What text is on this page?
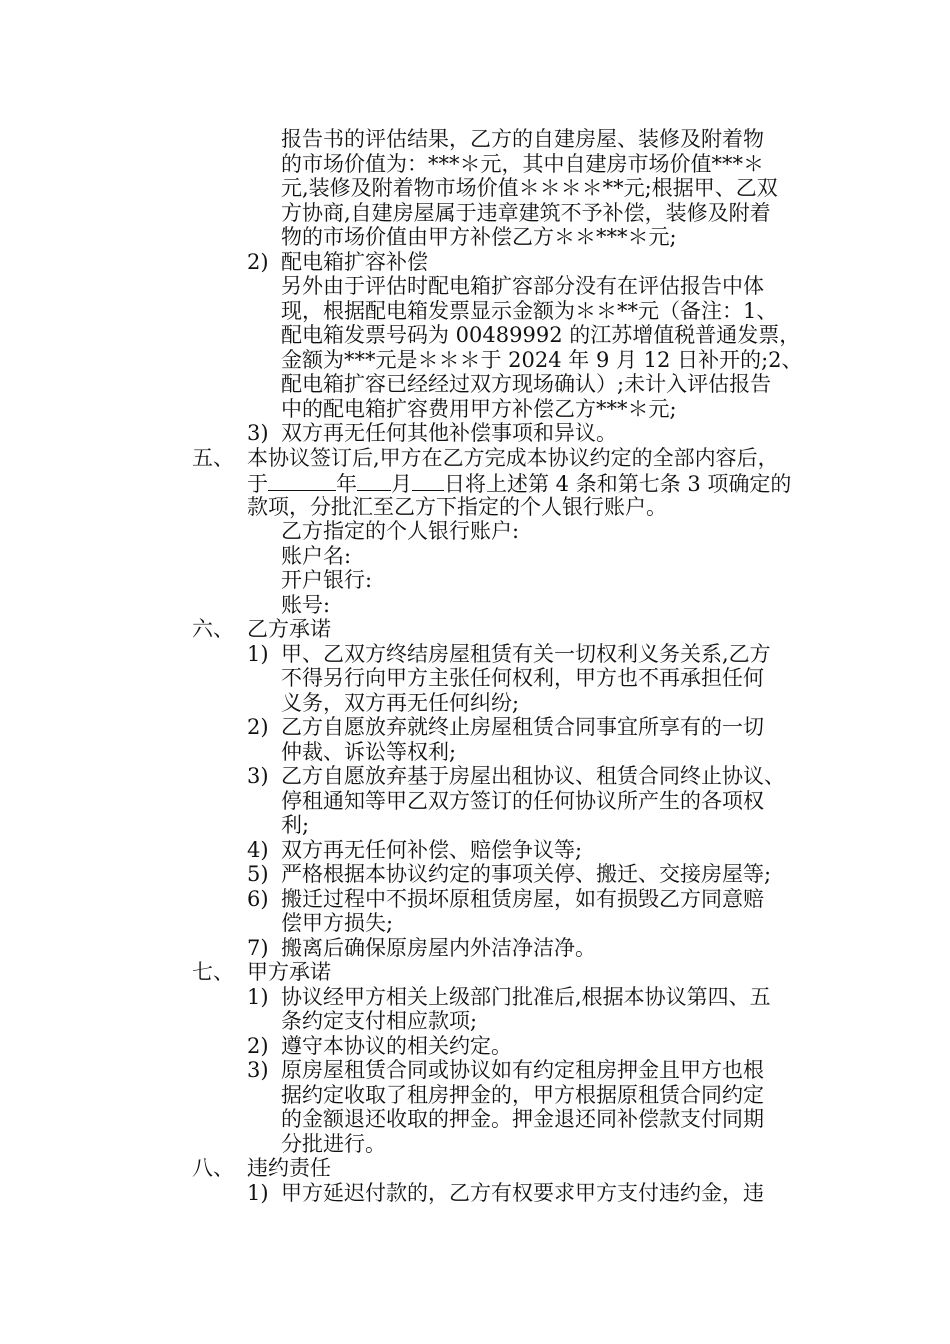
报告书的评估结果，乙方的自建房屋、装修及附着物
的市场价值为：***＊元，其中自建房市场价值***＊
元,装修及附着物市场价值＊＊＊＊**元;根据甲、乙双
方协商,自建房屋属于违章建筑不予补偿，装修及附着
物的市场价值由甲方补偿乙方＊＊***＊元;
2) 配电箱扩容补偿
另外由于评估时配电箱扩容部分没有在评估报告中体
现，根据配电箱发票显示金额为＊＊**元（备注：1、
配电箱发票号码为 00489992 的江苏增值税普通发票，
金额为***元是＊＊＊于 2024 年 9 月 12 日补开的;2、
配电箱扩容已经经过双方现场确认）;未计入评估报告
中的配电箱扩容费用甲方补偿乙方***＊元;
3) 双方再无任何其他补偿事项和异议。
五、 本协议签订后,甲方在乙方完成本协议约定的全部内容后，
于	年 月 日将上述第 4 条和第七条 3 项确定的
款项，分批汇至乙方下指定的个人银行账户。
乙方指定的个人银行账户:
账户名:
开户银行:
账号:
六、 乙方承诺
1) 甲、乙双方终结房屋租赁有关一切权利义务关系,乙方
不得另行向甲方主张任何权利，甲方也不再承担任何
义务，双方再无任何纠纷;
2) 乙方自愿放弃就终止房屋租赁合同事宜所享有的一切
仲裁、诉讼等权利;
3) 乙方自愿放弃基于房屋出租协议、租赁合同终止协议、
停租通知等甲乙双方签订的任何协议所产生的各项权
利;
4) 双方再无任何补偿、赔偿争议等;
5) 严格根据本协议约定的事项关停、搬迁、交接房屋等;
6) 搬迁过程中不损坏原租赁房屋，如有损毁乙方同意赔
偿甲方损失;
7) 搬离后确保原房屋内外洁净洁净。
七、 甲方承诺
1) 协议经甲方相关上级部门批准后,根据本协议第四、五
条约定支付相应款项;
2) 遵守本协议的相关约定。
3) 原房屋租赁合同或协议如有约定租房押金且甲方也根
据约定收取了租房押金的，甲方根据原租赁合同约定
的金额退还收取的押金。押金退还同补偿款支付同期
分批进行。
八、 违约责任
1) 甲方延迟付款的，乙方有权要求甲方支付违约金，违
